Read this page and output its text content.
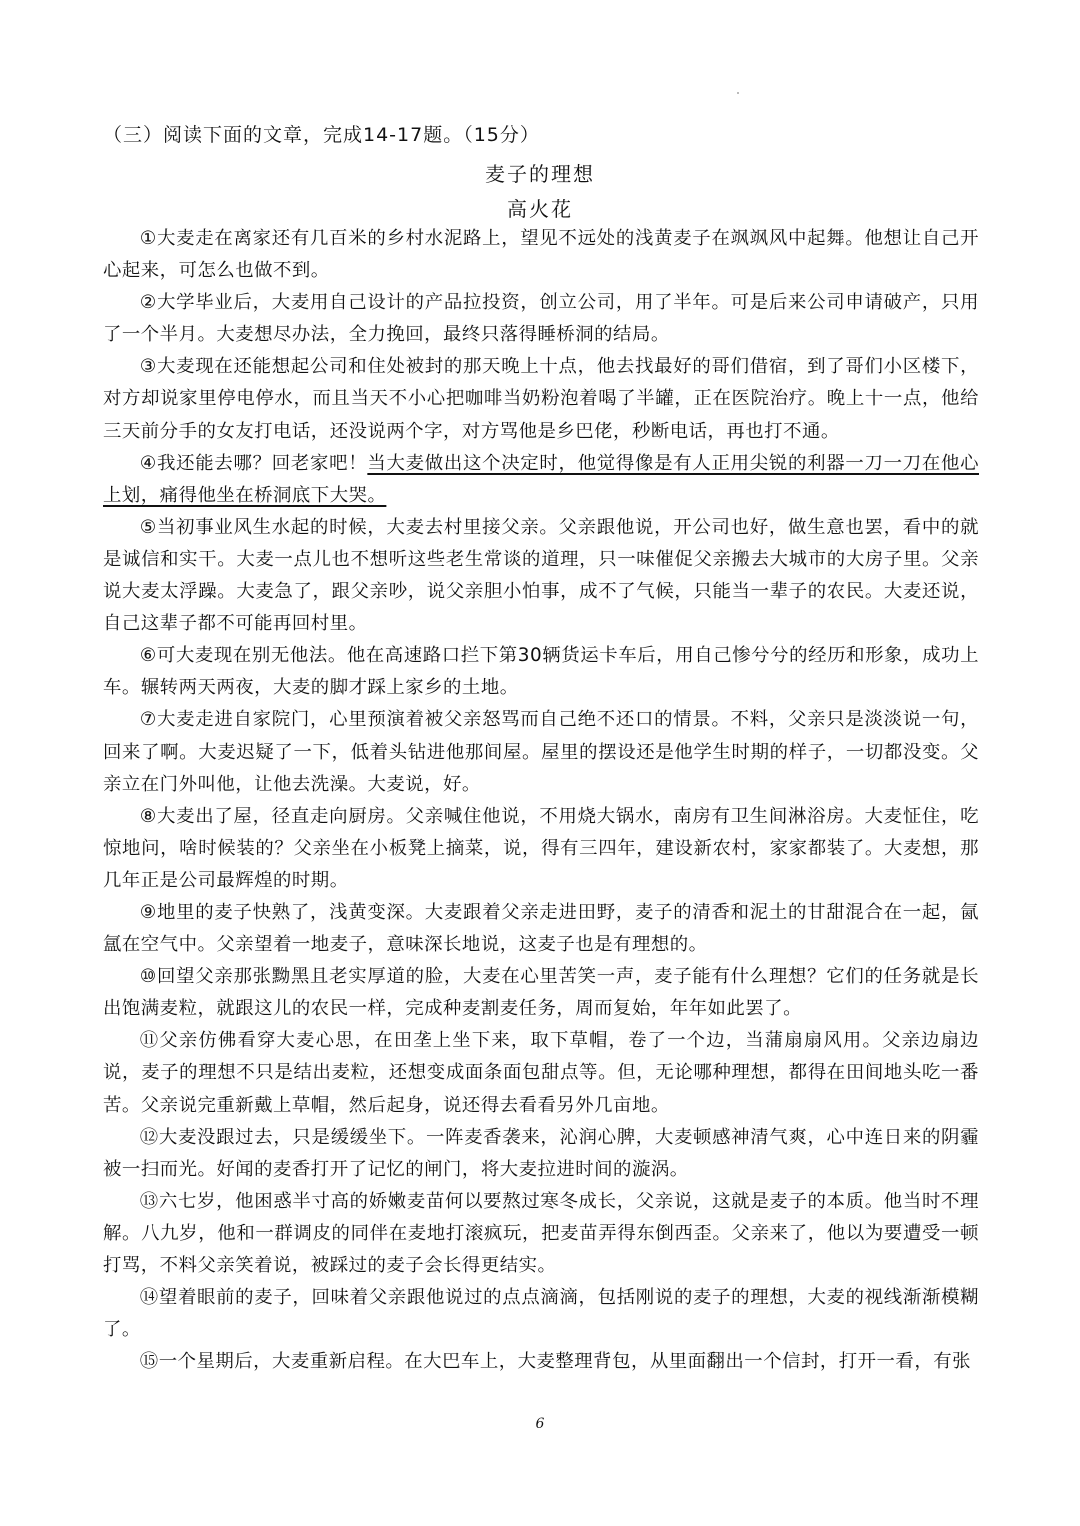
（三）阅读下面的文章，完成14-17题。（15分）
麦子的理想
高火花

①大麦走在离家还有几百米的乡村水泥路上，望见不远处的浅黄麦子在飒飒风中起舞。他想让自己开心起来，可怎么也做不到。

②大学毕业后，大麦用自己设计的产品拉投资，创立公司，用了半年。可是后来公司申请破产，只用了一个半月。大麦想尽办法，全力挽回，最终只落得睡桥洞的结局。

③大麦现在还能想起公司和住处被封的那天晚上十点，他去找最好的哥们借宿，到了哥们小区楼下，对方却说家里停电停水，而且当天不小心把咖啡当奶粉泡着喝了半罐，正在医院治疗。晚上十一点，他给三天前分手的女友打电话，还没说两个字，对方骂他是乡巴佬，秒断电话，再也打不通。

④我还能去哪？回老家吧！当大麦做出这个决定时，他觉得像是有人正用尖锐的利器一刀一刀在他心上划，痛得他坐在桥洞底下大哭。

⑤当初事业风生水起的时候，大麦去村里接父亲。父亲跟他说，开公司也好，做生意也罢，看中的就是诚信和实干。大麦一点儿也不想听这些老生常谈的道理，只一味催促父亲搬去大城市的大房子里。父亲说大麦太浮躁。大麦急了，跟父亲吵，说父亲胆小怕事，成不了气候，只能当一辈子的农民。大麦还说，自己这辈子都不可能再回村里。

⑥可大麦现在别无他法。他在高速路口拦下第30辆货运卡车后，用自己惨兮兮的经历和形象，成功上车。辗转两天两夜，大麦的脚才踩上家乡的土地。

⑦大麦走进自家院门，心里预演着被父亲怒骂而自己绝不还口的情景。不料，父亲只是淡淡说一句，回来了啊。大麦迟疑了一下，低着头钻进他那间屋。屋里的摆设还是他学生时期的样子，一切都没变。父亲立在门外叫他，让他去洗澡。大麦说，好。

⑧大麦出了屋，径直走向厨房。父亲喊住他说，不用烧大锅水，南房有卫生间淋浴房。大麦怔住，吃惊地问，啥时候装的？父亲坐在小板凳上摘菜，说，得有三四年，建设新农村，家家都装了。大麦想，那几年正是公司最辉煌的时期。

⑨地里的麦子快熟了，浅黄变深。大麦跟着父亲走进田野，麦子的清香和泥土的甘甜混合在一起，氤氲在空气中。父亲望着一地麦子，意味深长地说，这麦子也是有理想的。

⑩回望父亲那张黝黑且老实厚道的脸，大麦在心里苦笑一声，麦子能有什么理想？它们的任务就是长出饱满麦粒，就跟这儿的农民一样，完成种麦割麦任务，周而复始，年年如此罢了。

⑪父亲仿佛看穿大麦心思，在田垄上坐下来，取下草帽，卷了一个边，当蒲扇扇风用。父亲边扇边说，麦子的理想不只是结出麦粒，还想变成面条面包甜点等。但，无论哪种理想，都得在田间地头吃一番苦。父亲说完重新戴上草帽，然后起身，说还得去看看另外几亩地。

⑫大麦没跟过去，只是缓缓坐下。一阵麦香袭来，沁润心脾，大麦顿感神清气爽，心中连日来的阴霾被一扫而光。好闻的麦香打开了记忆的闸门，将大麦拉进时间的漩涡。

⑬六七岁，他困惑半寸高的娇嫩麦苗何以要熬过寒冬成长，父亲说，这就是麦子的本质。他当时不理解。八九岁，他和一群调皮的同伴在麦地打滚疯玩，把麦苗弄得东倒西歪。父亲来了，他以为要遭受一顿打骂，不料父亲笑着说，被踩过的麦子会长得更结实。

⑭望着眼前的麦子，回味着父亲跟他说过的点点滴滴，包括刚说的麦子的理想，大麦的视线渐渐模糊了。

⑮一个星期后，大麦重新启程。在大巴车上，大麦整理背包，从里面翻出一个信封，打开一看，有张

6
